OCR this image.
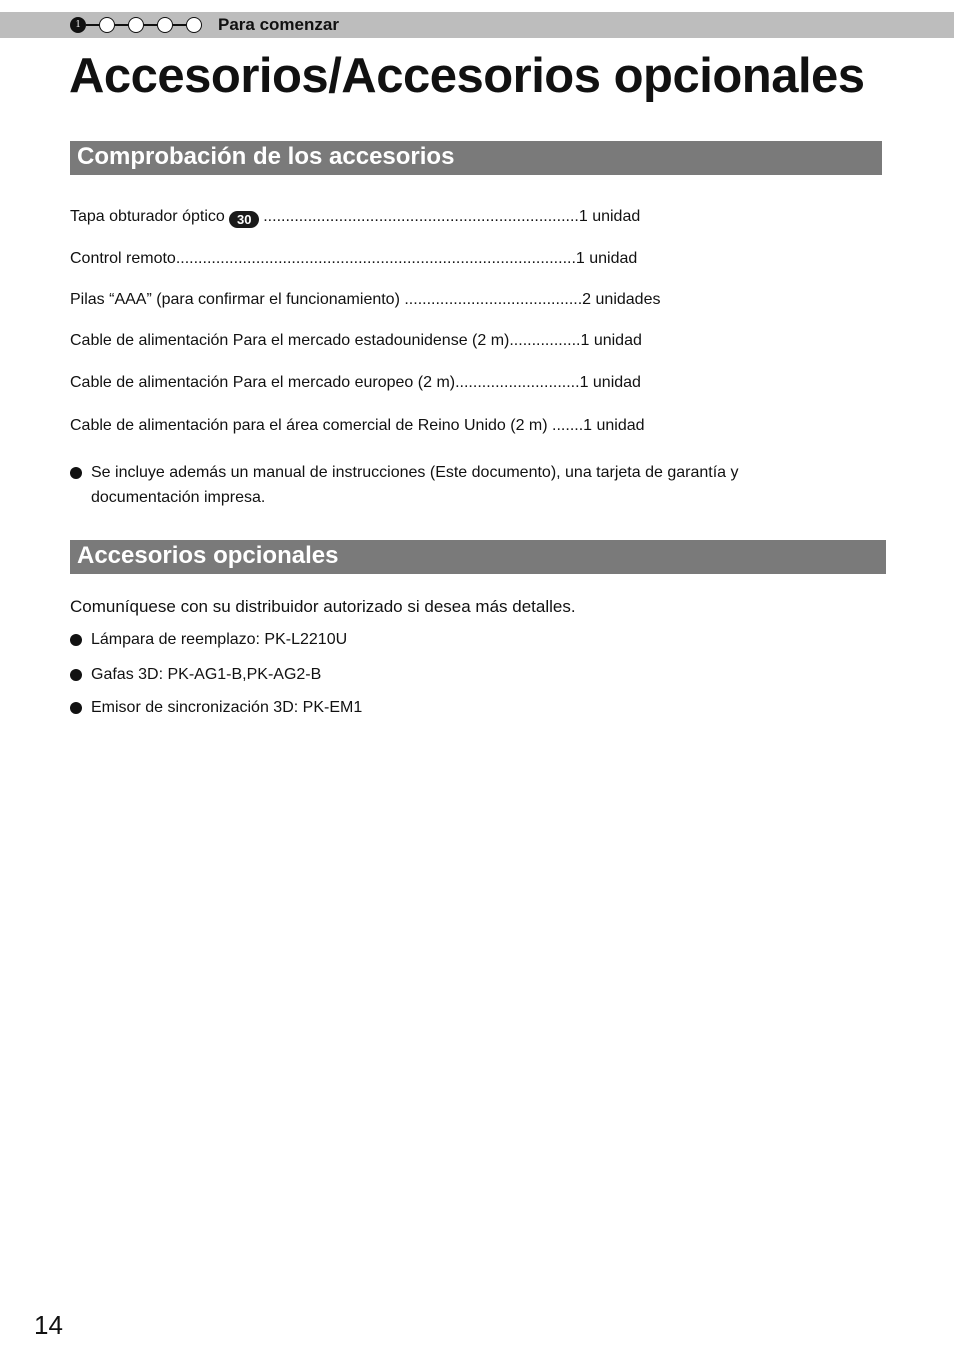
1	Para comenzar
Accesorios/Accesorios opcionales
Comprobación de los accesorios
Tapa obturador óptico 30 .......................................................................1 unidad
Control remoto..........................................................................................1 unidad
Pilas “AAA” (para confirmar el funcionamiento) ........................................2 unidades
Cable de alimentación Para el mercado estadounidense (2 m)................1 unidad
Cable de alimentación Para el mercado europeo (2 m)............................1 unidad
Cable de alimentación para el área comercial de Reino Unido (2 m) .......1 unidad
Se incluye además un manual de instrucciones (Este documento), una tarjeta de garantía y
documentación impresa.
Accesorios opcionales
Comuníquese con su distribuidor autorizado si desea más detalles.
Lámpara de reemplazo: PK-L2210U
Gafas 3D: PK-AG1-B,PK-AG2-B
Emisor de sincronización 3D: PK-EM1
14
